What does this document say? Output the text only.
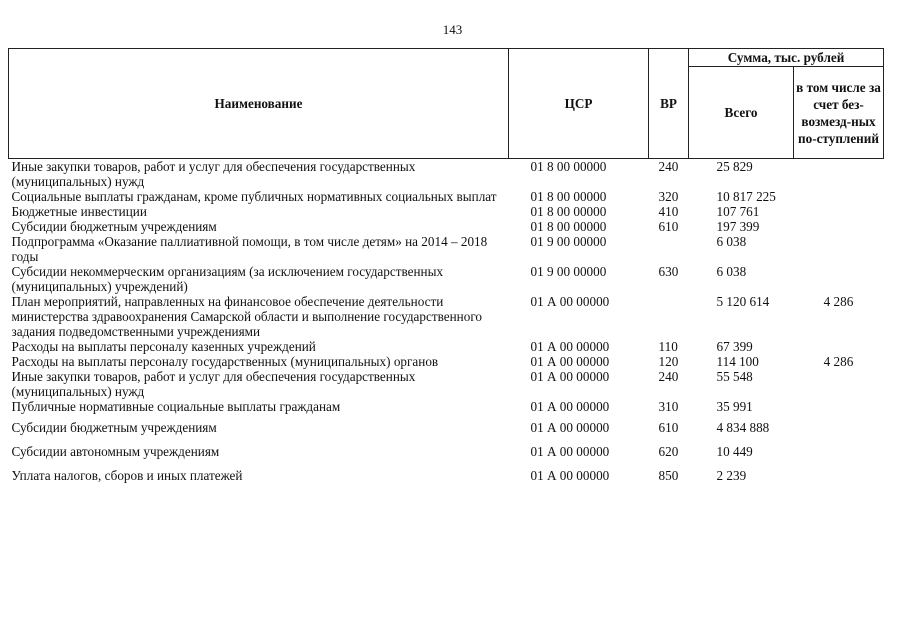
143
Наименование	ЦСР	ВР	Сумма, тыс. рублей	
			Всего	в том числе за счет без-возмезд-ных по-ступлений
Иные закупки товаров, работ и услуг для обеспечения государственных (муниципальных) нужд	01 8 00 00000	240	25 829	
Социальные выплаты гражданам, кроме публичных нормативных социальных выплат	01 8 00 00000	320	10 817 225	
Бюджетные инвестиции	01 8 00 00000	410	107 761	
Субсидии бюджетным учреждениям	01 8 00 00000	610	197 399	
Подпрограмма «Оказание паллиативной помощи, в том числе детям» на 2014 – 2018 годы	01 9 00 00000		6 038	
Субсидии некоммерческим организациям (за исключением государственных (муниципальных) учреждений)	01 9 00 00000	630	6 038	
План мероприятий, направленных на финансовое обеспечение деятельности министерства здравоохранения Самарской области и выполнение государственного задания подведомственными учреждениями	01 А 00 00000		5 120 614	4 286
Расходы на выплаты персоналу казенных учреждений	01 А 00 00000	110	67 399	
Расходы на выплаты персоналу государственных (муниципальных) органов	01 А 00 00000	120	114 100	4 286
Иные закупки товаров, работ и услуг для обеспечения государственных (муниципальных) нужд	01 А 00 00000	240	55 548	
Публичные нормативные социальные выплаты гражданам	01 А 00 00000	310	35 991	
Субсидии бюджетным учреждениям	01 А 00 00000	610	4 834 888	
Субсидии автономным учреждениям	01 А 00 00000	620	10 449	
Уплата налогов, сборов и иных платежей	01 А 00 00000	850	2 239	
